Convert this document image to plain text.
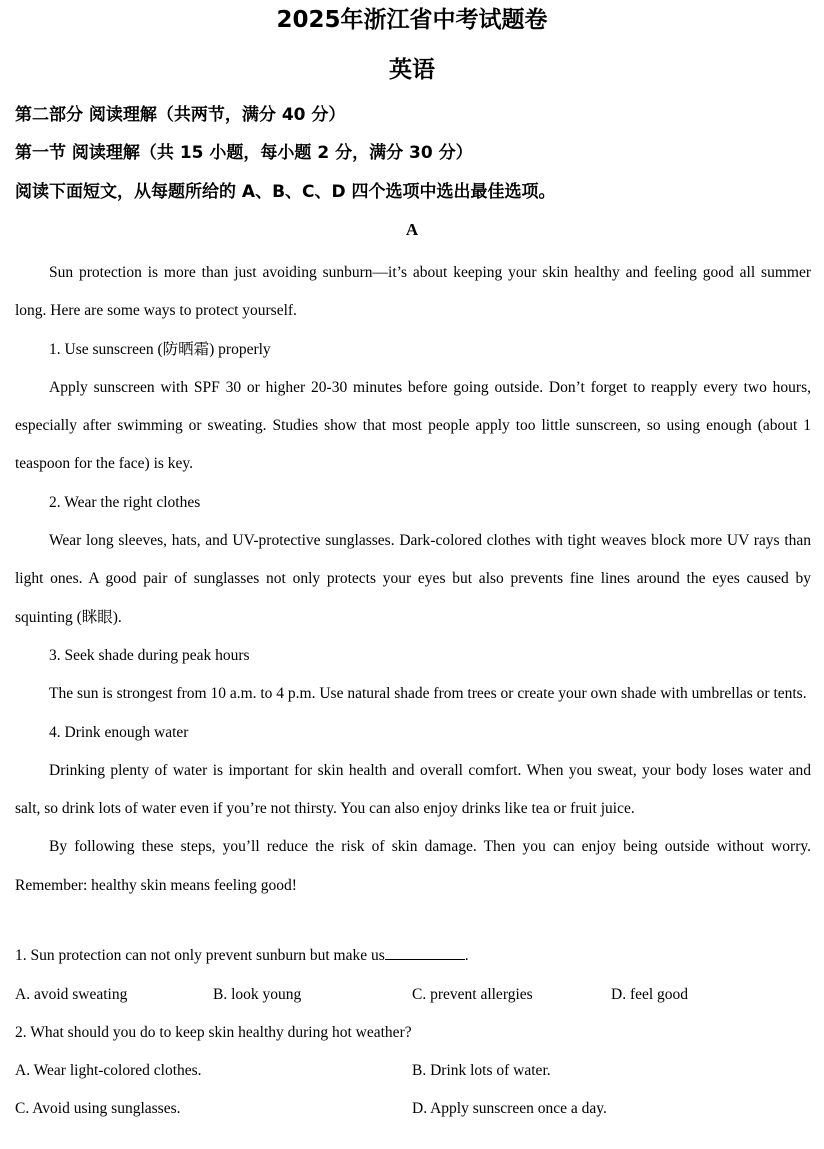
2025年浙江省中考试题卷
英语
第二部分 阅读理解（共两节，满分 40 分）
第一节 阅读理解（共 15 小题，每小题 2 分，满分 30 分）
阅读下面短文，从每题所给的 A、B、C、D 四个选项中选出最佳选项。
A

Sun protection is more than just avoiding sunburn—it’s about keeping your skin healthy and feeling good all summer long. Here are some ways to protect yourself.

1. Use sunscreen (防晒霜) properly

Apply sunscreen with SPF 30 or higher 20-30 minutes before going outside. Don’t forget to reapply every two hours, especially after swimming or sweating. Studies show that most people apply too little sunscreen, so using enough (about 1 teaspoon for the face) is key.

2. Wear the right clothes

Wear long sleeves, hats, and UV-protective sunglasses. Dark-colored clothes with tight weaves block more UV rays than light ones. A good pair of sunglasses not only protects your eyes but also prevents fine lines around the eyes caused by squinting (眯眼).

3. Seek shade during peak hours

The sun is strongest from 10 a.m. to 4 p.m. Use natural shade from trees or create your own shade with umbrellas or tents.

4. Drink enough water

Drinking plenty of water is important for skin health and overall comfort. When you sweat, your body loses water and salt, so drink lots of water even if you’re not thirsty. You can also enjoy drinks like tea or fruit juice.

By following these steps, you’ll reduce the risk of skin damage. Then you can enjoy being outside without worry. Remember: healthy skin means feeling good!

1. Sun protection can not only prevent sunburn but make us	.
A. avoid sweating	B. look young	C. prevent allergies	D. feel good
2. What should you do to keep skin healthy during hot weather?
A. Wear light-colored clothes.	B. Drink lots of water.
C. Avoid using sunglasses.	D. Apply sunscreen once a day.
